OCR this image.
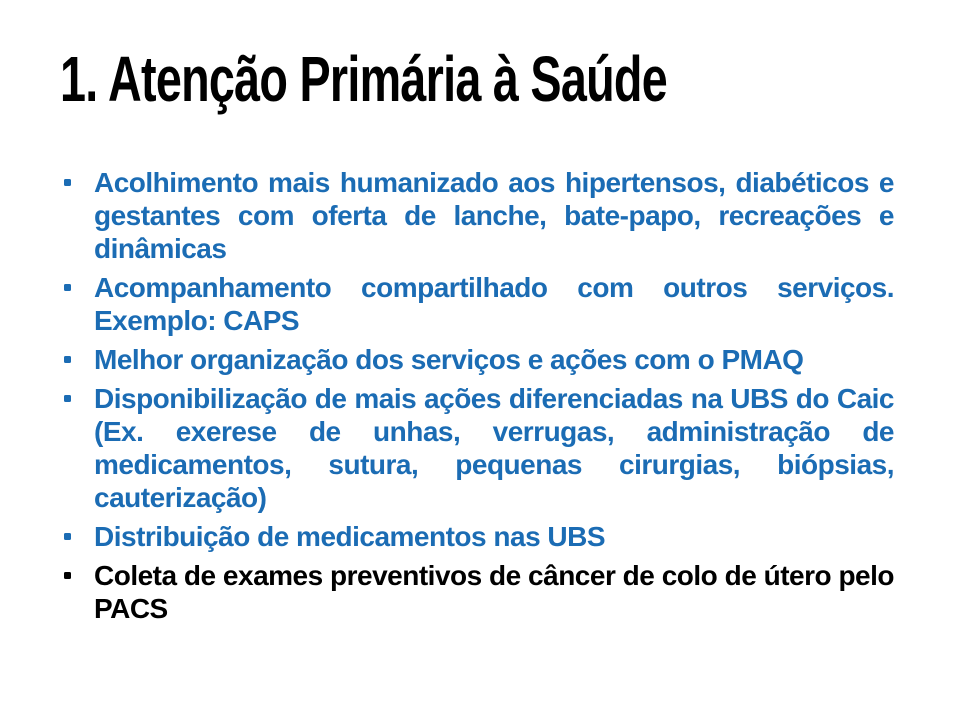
1. Atenção Primária à Saúde
Acolhimento mais humanizado aos hipertensos, diabéticos e gestantes com oferta de lanche, bate-papo, recreações e dinâmicas
Acompanhamento compartilhado com outros serviços. Exemplo: CAPS
Melhor organização dos serviços e ações com o PMAQ
Disponibilização de mais ações diferenciadas na UBS do Caic (Ex. exerese de unhas, verrugas, administração de medicamentos, sutura, pequenas cirurgias, biópsias, cauterização)
Distribuição de medicamentos nas UBS
Coleta de exames preventivos de câncer de colo de útero pelo PACS
